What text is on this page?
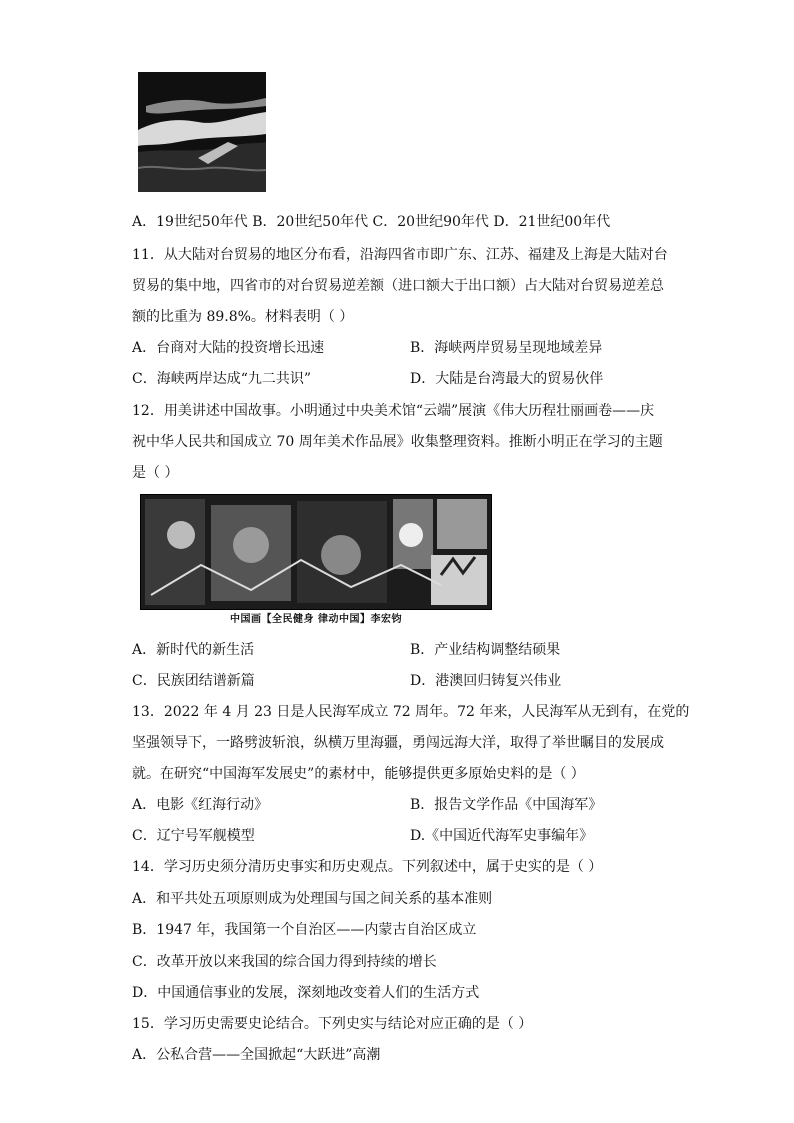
A．19世纪50年代 B．20世纪50年代 C．20世纪90年代 D．21世纪00年代
11．从大陆对台贸易的地区分布看，沿海四省市即广东、江苏、福建及上海是大陆对台
贸易的集中地，四省市的对台贸易逆差额（进口额大于出口额）占大陆对台贸易逆差总
额的比重为 89.8%。材料表明（ ）
A．台商对大陆的投资增长迅速	B．海峡两岸贸易呈现地域差异
C．海峡两岸达成“九二共识”	D．大陆是台湾最大的贸易伙伴
12．用美讲述中国故事。小明通过中央美术馆“云端”展演《伟大历程壮丽画卷——庆
祝中华人民共和国成立 70 周年美术作品展》收集整理资料。推断小明正在学习的主题
是（ ）
中国画【全民健身 律动中国】李宏钧
A．新时代的新生活	B．产业结构调整结硕果
C．民族团结谱新篇	D．港澳回归铸复兴伟业
13．2022 年 4 月 23 日是人民海军成立 72 周年。72 年来，人民海军从无到有，在党的
坚强领导下，一路劈波斩浪，纵横万里海疆，勇闯远海大洋，取得了举世瞩目的发展成
就。在研究“中国海军发展史”的素材中，能够提供更多原始史料的是（ ）
A．电影《红海行动》	B．报告文学作品《中国海军》
C．辽宁号军舰模型	D.《中国近代海军史事编年》
14．学习历史须分清历史事实和历史观点。下列叙述中，属于史实的是（ ）
A．和平共处五项原则成为处理国与国之间关系的基本准则
B．1947 年，我国第一个自治区——内蒙古自治区成立
C．改革开放以来我国的综合国力得到持续的增长
D．中国通信事业的发展，深刻地改变着人们的生活方式
15．学习历史需要史论结合。下列史实与结论对应正确的是（ ）
A．公私合营——全国掀起“大跃进”高潮
